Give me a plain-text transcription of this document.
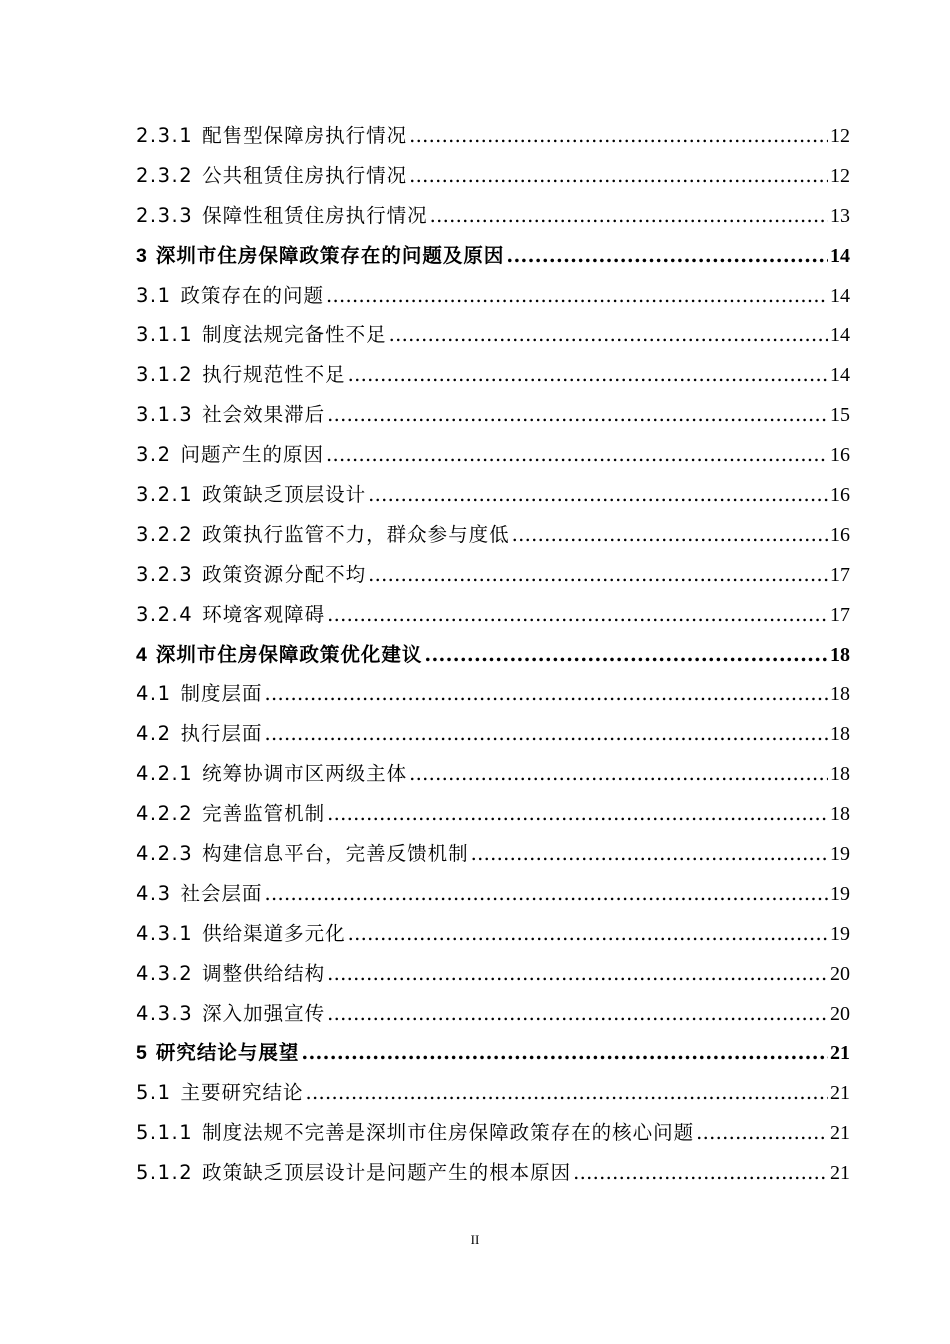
2.3.1 配售型保障房执行情况 .....	12
2.3.2 公共租赁住房执行情况 .....	12
2.3.3 保障性租赁住房执行情况 .....	13
3 深圳市住房保障政策存在的问题及原因 .....	14
3.1 政策存在的问题 .....	14
3.1.1 制度法规完备性不足 .....	14
3.1.2 执行规范性不足 .....	14
3.1.3 社会效果滞后 .....	15
3.2 问题产生的原因 .....	16
3.2.1 政策缺乏顶层设计 .....	16
3.2.2 政策执行监管不力，群众参与度低 .....	16
3.2.3 政策资源分配不均 .....	17
3.2.4 环境客观障碍 .....	17
4 深圳市住房保障政策优化建议 .....	18
4.1 制度层面 .....	18
4.2 执行层面 .....	18
4.2.1 统筹协调市区两级主体 .....	18
4.2.2 完善监管机制 .....	18
4.2.3 构建信息平台，完善反馈机制 .....	19
4.3 社会层面 .....	19
4.3.1 供给渠道多元化 .....	19
4.3.2 调整供给结构 .....	20
4.3.3 深入加强宣传 .....	20
5 研究结论与展望 .....	21
5.1 主要研究结论 .....	21
5.1.1 制度法规不完善是深圳市住房保障政策存在的核心问题 .....	21
5.1.2 政策缺乏顶层设计是问题产生的根本原因 .....	21
II
